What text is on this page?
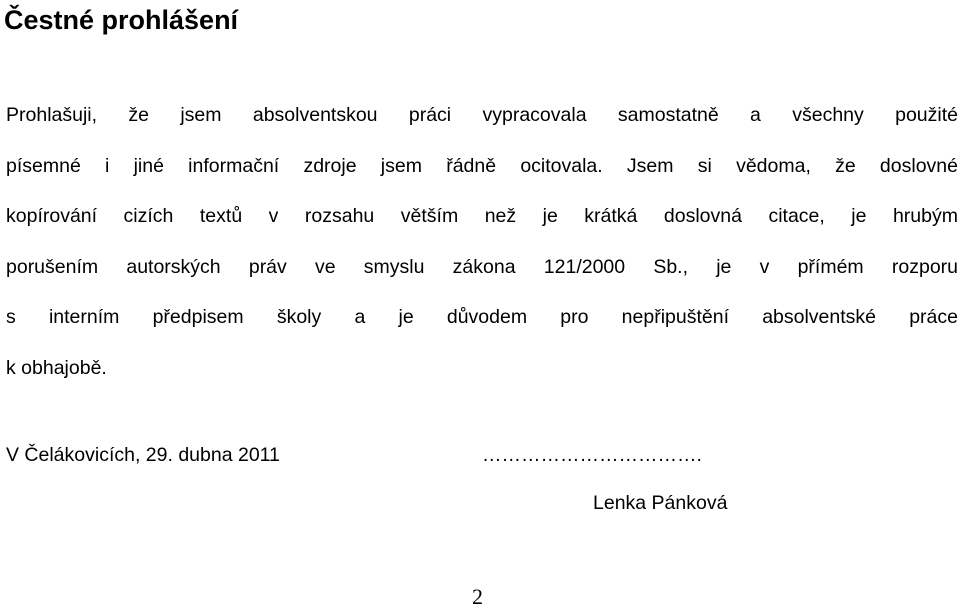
Čestné prohlášení
Prohlašuji, že jsem absolventskou práci vypracovala samostatně a všechny použité
písemné i jiné informační zdroje jsem řádně ocitovala. Jsem si vědoma, že doslovné
kopírování cizích textů v rozsahu větším než je krátká doslovná citace, je hrubým
porušením autorských práv ve smyslu zákona 121/2000 Sb., je v přímém rozporu
s interním předpisem školy a je důvodem pro nepřipuštění absolventské práce
k obhajobě.
V Čelákovicích, 29. dubna 2011	…………………………….
Lenka Pánková
2
